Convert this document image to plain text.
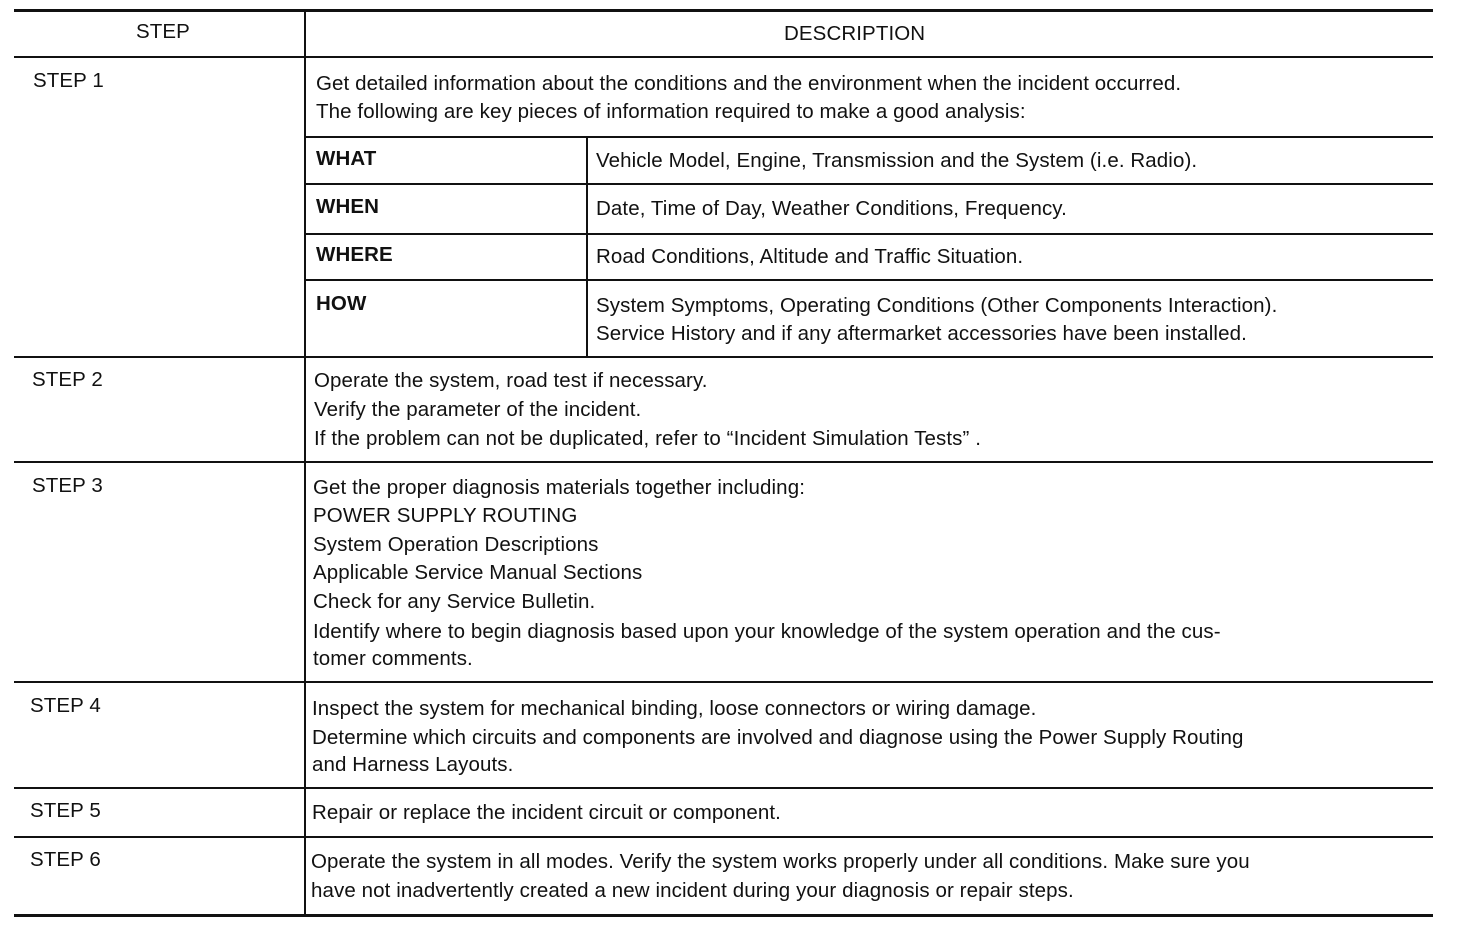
STEP	DESCRIPTION
STEP 1	Get detailed information about the conditions and the environment when the incident occurred.
The following are key pieces of information required to make a good analysis:
WHAT	Vehicle Model, Engine, Transmission and the System (i.e. Radio).
WHEN	Date, Time of Day, Weather Conditions, Frequency.
WHERE	Road Conditions, Altitude and Traffic Situation.
HOW	System Symptoms, Operating Conditions (Other Components Interaction).
Service History and if any aftermarket accessories have been installed.
STEP 2	Operate the system, road test if necessary.
Verify the parameter of the incident.
If the problem can not be duplicated, refer to “Incident Simulation Tests” .
STEP 3	Get the proper diagnosis materials together including:
POWER SUPPLY ROUTING
System Operation Descriptions
Applicable Service Manual Sections
Check for any Service Bulletin.
Identify where to begin diagnosis based upon your knowledge of the system operation and the cus-
tomer comments.
STEP 4	Inspect the system for mechanical binding, loose connectors or wiring damage.
Determine which circuits and components are involved and diagnose using the Power Supply Routing
and Harness Layouts.
STEP 5	Repair or replace the incident circuit or component.
STEP 6	Operate the system in all modes. Verify the system works properly under all conditions. Make sure you
have not inadvertently created a new incident during your diagnosis or repair steps.
